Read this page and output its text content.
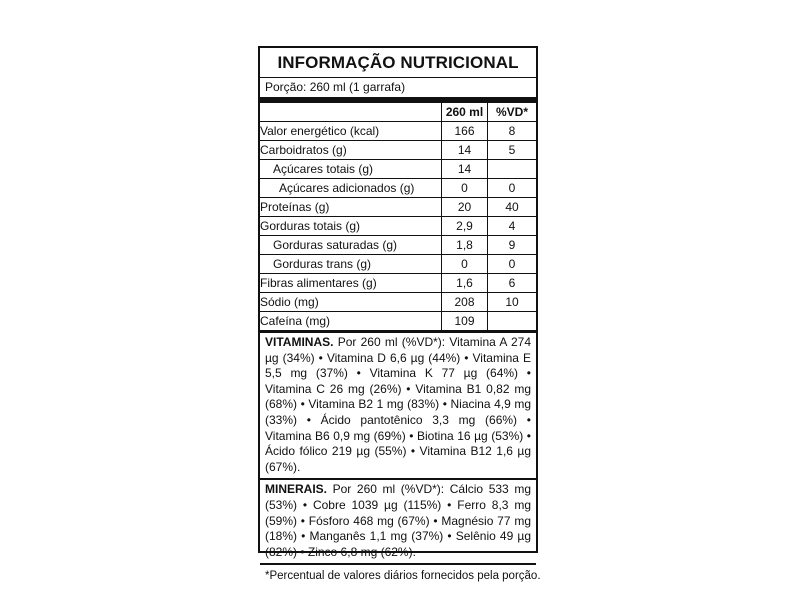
INFORMAÇÃO NUTRICIONAL
Porção: 260 ml (1 garrafa)
	260 ml	%VD*
Valor energético (kcal)	166	8
Carboidratos (g)	14	5
Açúcares totais (g)	14	
Açúcares adicionados (g)	0	0
Proteínas (g)	20	40
Gorduras totais (g)	2,9	4
Gorduras saturadas (g)	1,8	9
Gorduras trans (g)	0	0
Fibras alimentares (g)	1,6	6
Sódio (mg)	208	10
Cafeína (mg)	109	
VITAMINAS. Por 260 ml (%VD*): Vitamina A 274 µg (34%) • Vitamina D 6,6 µg (44%) • Vitamina E 5,5 mg (37%) • Vitamina K 77 µg (64%) • Vitamina C 26 mg (26%) • Vitamina B1 0,82 mg (68%) • Vitamina B2 1 mg (83%) • Niacina 4,9 mg (33%) • Ácido pantotênico 3,3 mg (66%) • Vitamina B6 0,9 mg (69%) • Biotina 16 µg (53%) • Ácido fólico 219 µg (55%) • Vitamina B12 1,6 µg (67%).
MINERAIS. Por 260 ml (%VD*): Cálcio 533 mg (53%) • Cobre 1039 µg (115%) • Ferro 8,3 mg (59%) • Fósforo 468 mg (67%) • Magnésio 77 mg (18%) • Manganês 1,1 mg (37%) • Selênio 49 µg (82%) • Zinco 6,8 mg (62%).
*Percentual de valores diários fornecidos pela porção.
